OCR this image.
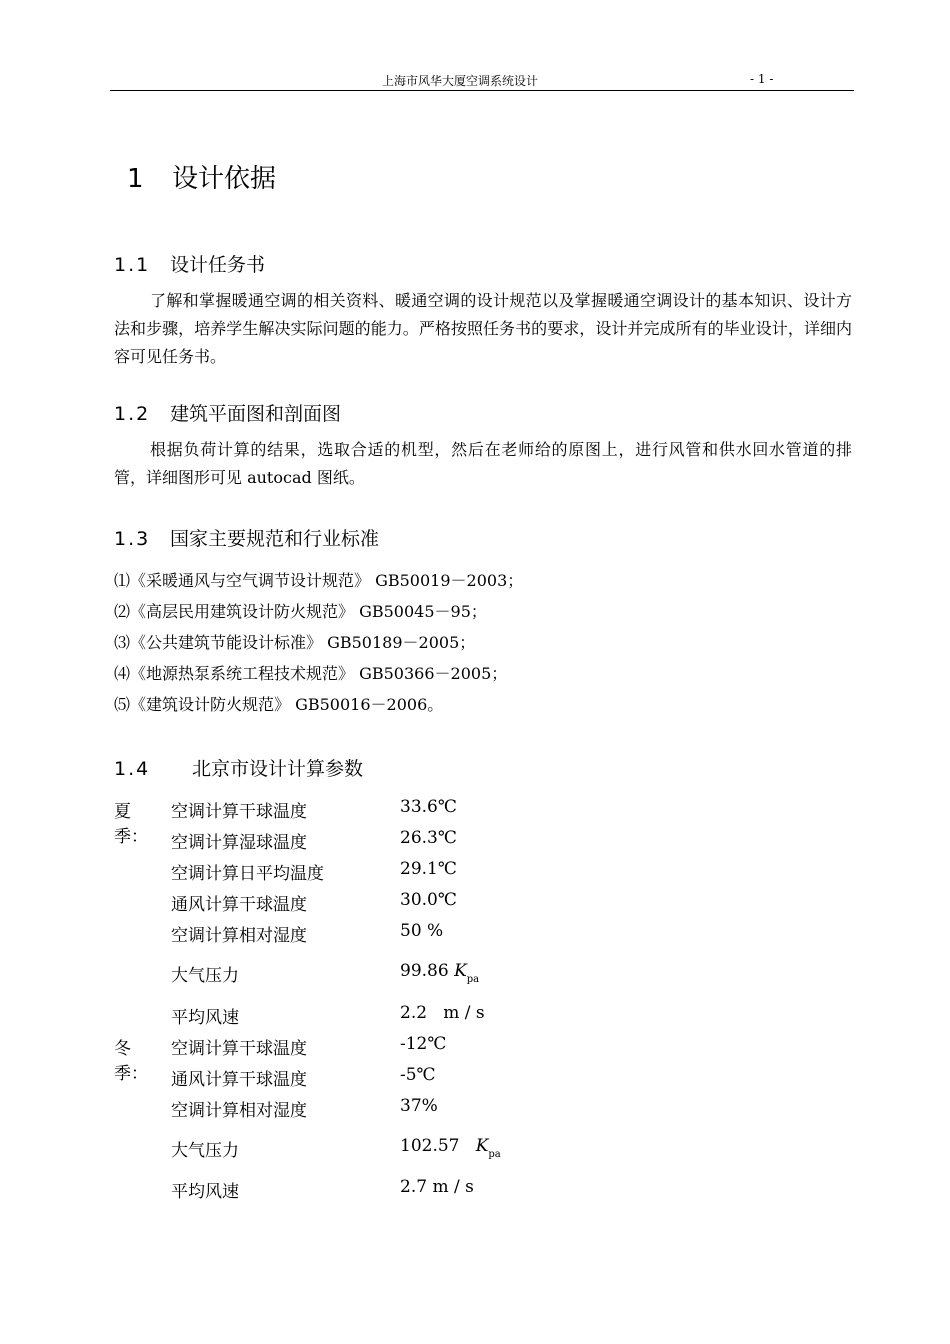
上海市风华大厦空调系统设计	- 1 -
1 设计依据
1.1 设计任务书
了解和掌握暖通空调的相关资料、暖通空调的设计规范以及掌握暖通空调设计的基本知识、设计方法和步骤，培养学生解决实际问题的能力。严格按照任务书的要求，设计并完成所有的毕业设计，详细内容可见任务书。
1.2 建筑平面图和剖面图
根据负荷计算的结果，选取合适的机型，然后在老师给的原图上，进行风管和供水回水管道的排管，详细图形可见 autocad 图纸。
1.3 国家主要规范和行业标准
⑴《采暖通风与空气调节设计规范》 GB50019－2003；
⑵《高层民用建筑设计防火规范》 GB50045－95；
⑶《公共建筑节能设计标准》 GB50189－2005；
⑷《地源热泵系统工程技术规范》 GB50366－2005；
⑸《建筑设计防火规范》 GB50016－2006。
1.4 北京市设计计算参数
夏季：
空调计算干球温度	33.6℃
空调计算湿球温度	26.3℃
空调计算日平均温度	29.1℃
通风计算干球温度	30.0℃
空调计算相对湿度	50 %
大气压力	99.86 $K_{pa}$
平均风速	2.2   m / s
冬季：
空调计算干球温度	-12℃
通风计算干球温度	-5℃
空调计算相对湿度	37%
大气压力	102.57   $K_{pa}$
平均风速	2.7 m / s
